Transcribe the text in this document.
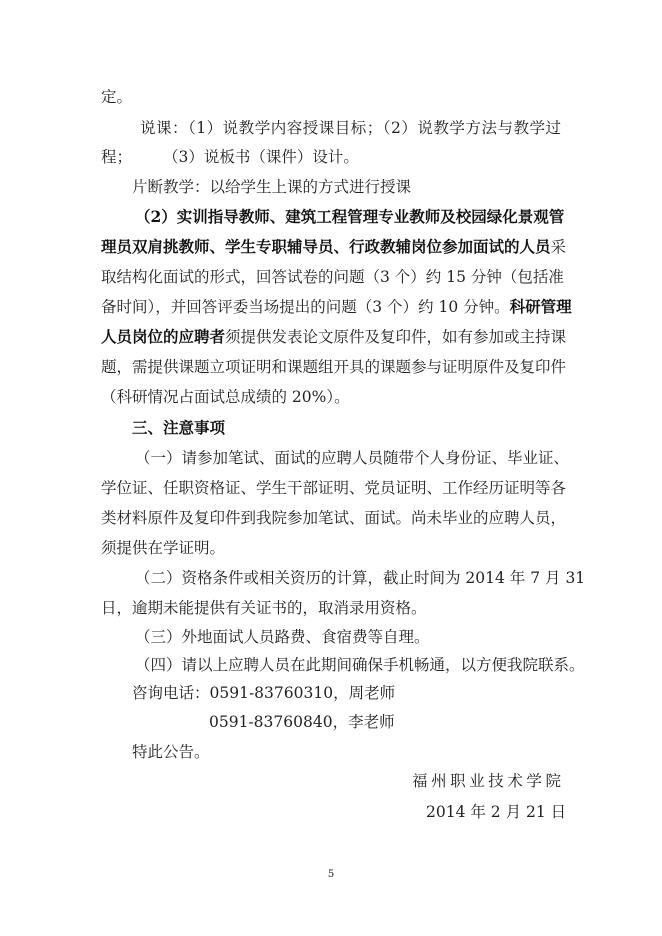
定。
说课：（1）说教学内容授课目标；（2）说教学方法与教学过
程；　　　（3）说板书（课件）设计。
片断教学：以给学生上课的方式进行授课
（2）实训指导教师、建筑工程管理专业教师及校园绿化景观管
理员双肩挑教师、学生专职辅导员、行政教辅岗位参加面试的人员采
取结构化面试的形式，回答试卷的问题（3 个）约 15 分钟（包括准
备时间），并回答评委当场提出的问题（3 个）约 10 分钟。科研管理
人员岗位的应聘者须提供发表论文原件及复印件，如有参加或主持课
题，需提供课题立项证明和课题组开具的课题参与证明原件及复印件
（科研情况占面试总成绩的 20%）。
三、注意事项
（一）请参加笔试、面试的应聘人员随带个人身份证、毕业证、
学位证、任职资格证、学生干部证明、党员证明、工作经历证明等各
类材料原件及复印件到我院参加笔试、面试。尚未毕业的应聘人员，
须提供在学证明。
（二）资格条件或相关资历的计算，截止时间为 2014 年 7 月 31
日，逾期未能提供有关证书的，取消录用资格。
（三）外地面试人员路费、食宿费等自理。
（四）请以上应聘人员在此期间确保手机畅通，以方便我院联系。
咨询电话：0591-83760310，周老师
0591-83760840，李老师
特此公告。
福州职业技术学院
2014 年 2 月 21 日
5
